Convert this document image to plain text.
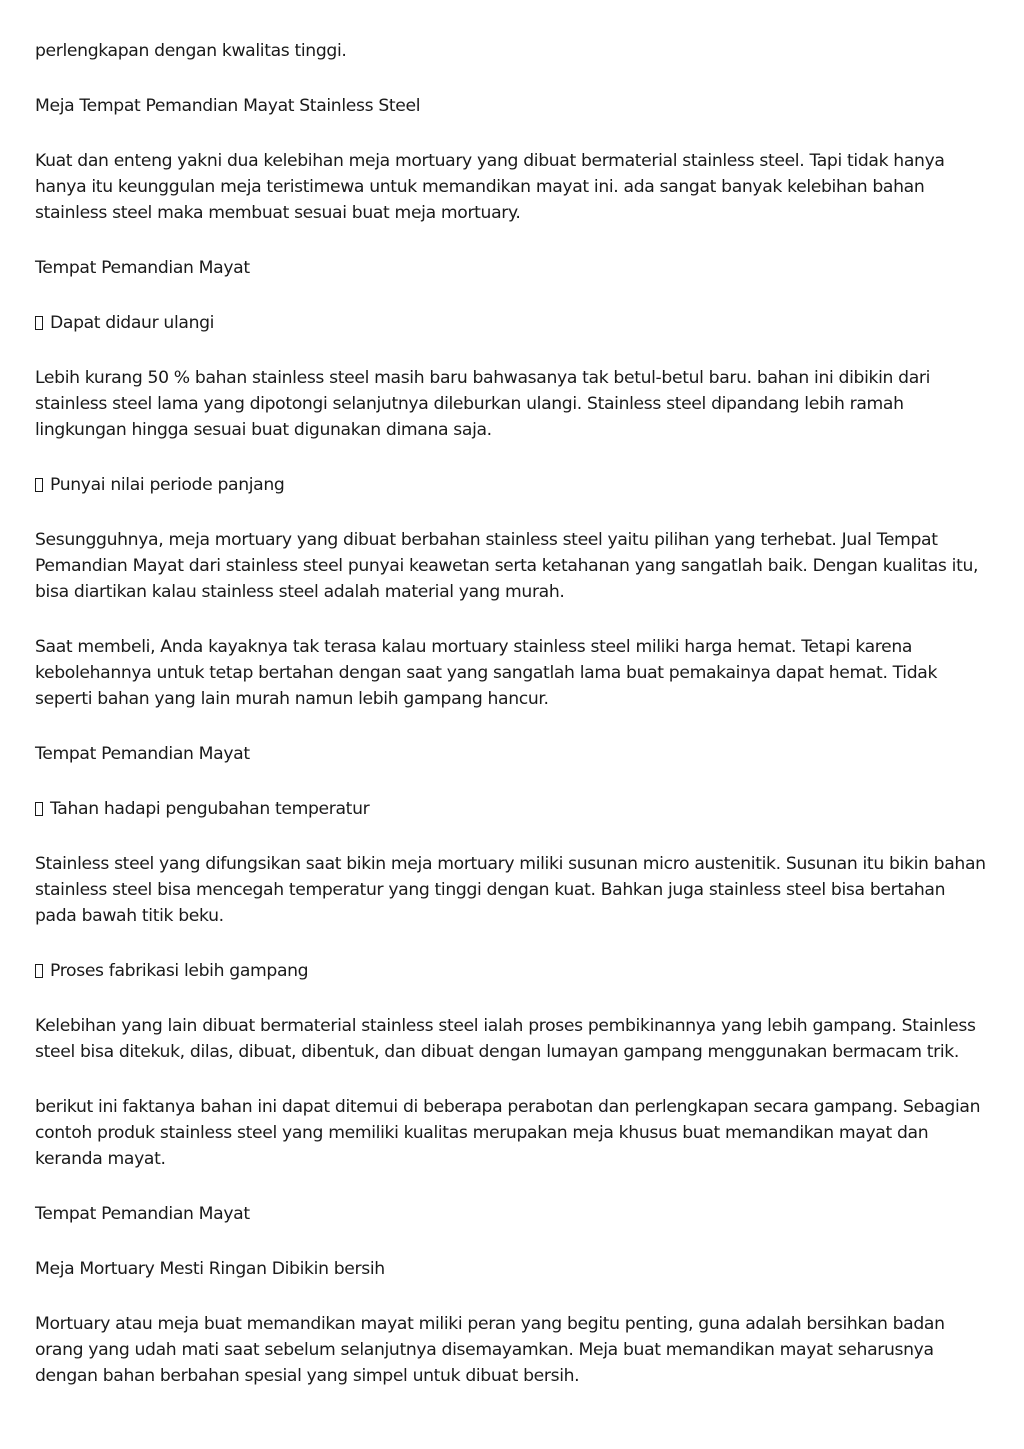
perlengkapan dengan kwalitas tinggi.

Meja Tempat Pemandian Mayat Stainless Steel

Kuat dan enteng yakni dua kelebihan meja mortuary yang dibuat bermaterial stainless steel. Tapi tidak hanya hanya itu keunggulan meja teristimewa untuk memandikan mayat ini. ada sangat banyak kelebihan bahan stainless steel maka membuat sesuai buat meja mortuary.

Tempat Pemandian Mayat

Dapat didaur ulangi

Lebih kurang 50 % bahan stainless steel masih baru bahwasanya tak betul-betul baru. bahan ini dibikin dari stainless steel lama yang dipotongi selanjutnya dileburkan ulangi. Stainless steel dipandang lebih ramah lingkungan hingga sesuai buat digunakan dimana saja.

Punyai nilai periode panjang

Sesungguhnya, meja mortuary yang dibuat berbahan stainless steel yaitu pilihan yang terhebat. Jual Tempat Pemandian Mayat dari stainless steel punyai keawetan serta ketahanan yang sangatlah baik. Dengan kualitas itu, bisa diartikan kalau stainless steel adalah material yang murah.

Saat membeli, Anda kayaknya tak terasa kalau mortuary stainless steel miliki harga hemat. Tetapi karena kebolehannya untuk tetap bertahan dengan saat yang sangatlah lama buat pemakainya dapat hemat. Tidak seperti bahan yang lain murah namun lebih gampang hancur.

Tempat Pemandian Mayat

Tahan hadapi pengubahan temperatur

Stainless steel yang difungsikan saat bikin meja mortuary miliki susunan micro austenitik. Susunan itu bikin bahan stainless steel bisa mencegah temperatur yang tinggi dengan kuat. Bahkan juga stainless steel bisa bertahan pada bawah titik beku.

Proses fabrikasi lebih gampang

Kelebihan yang lain dibuat bermaterial stainless steel ialah proses pembikinannya yang lebih gampang. Stainless steel bisa ditekuk, dilas, dibuat, dibentuk, dan dibuat dengan lumayan gampang menggunakan bermacam trik.

berikut ini faktanya bahan ini dapat ditemui di beberapa perabotan dan perlengkapan secara gampang. Sebagian contoh produk stainless steel yang memiliki kualitas merupakan meja khusus buat memandikan mayat dan keranda mayat.

Tempat Pemandian Mayat

Meja Mortuary Mesti Ringan Dibikin bersih

Mortuary atau meja buat memandikan mayat miliki peran yang begitu penting, guna adalah bersihkan badan orang yang udah mati saat sebelum selanjutnya disemayamkan. Meja buat memandikan mayat seharusnya dengan bahan berbahan spesial yang simpel untuk dibuat bersih.
